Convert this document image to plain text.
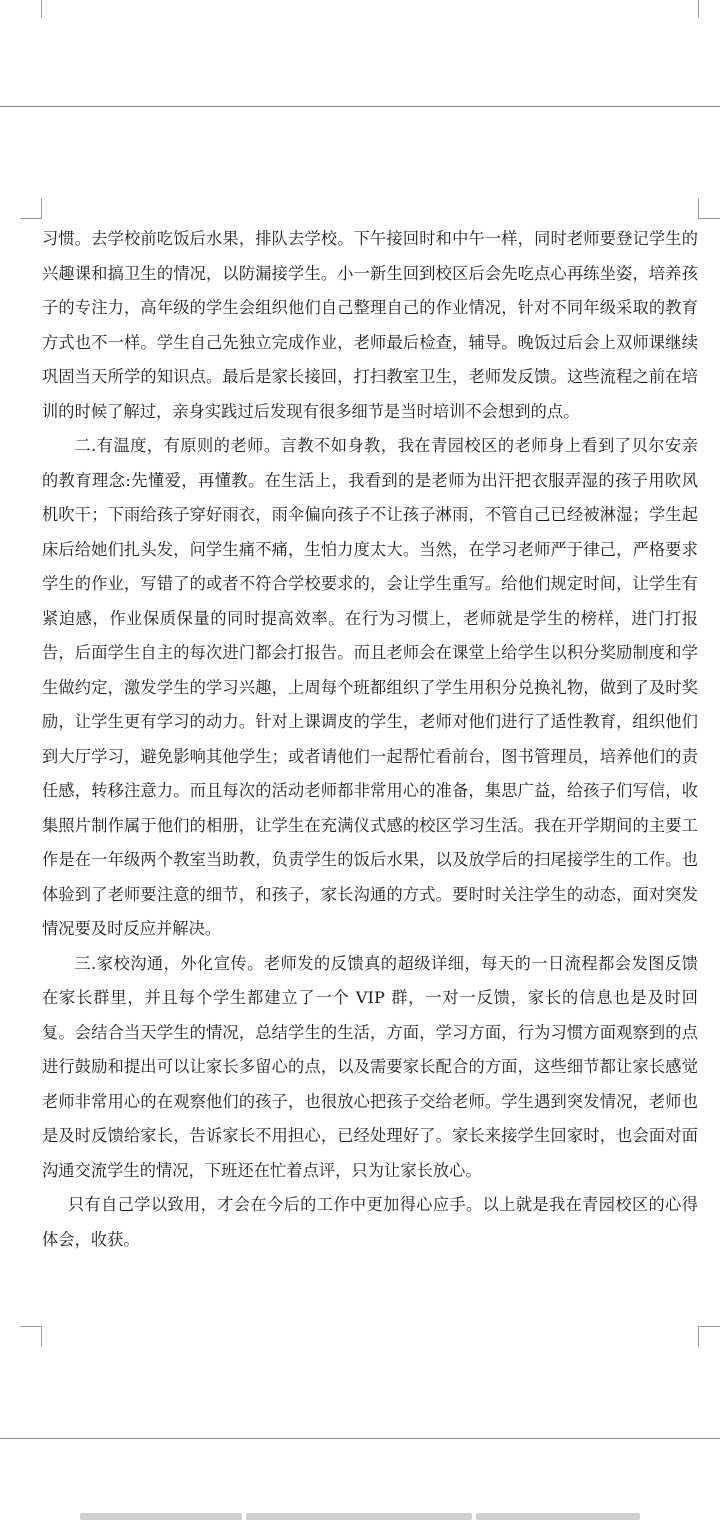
习惯。去学校前吃饭后水果，排队去学校。下午接回时和中午一样，同时老师要登记学生的兴趣课和搞卫生的情况，以防漏接学生。小一新生回到校区后会先吃点心再练坐姿，培养孩子的专注力，高年级的学生会组织他们自己整理自己的作业情况，针对不同年级采取的教育方式也不一样。学生自己先独立完成作业，老师最后检查，辅导。晚饭过后会上双师课继续巩固当天所学的知识点。最后是家长接回，打扫教室卫生，老师发反馈。这些流程之前在培训的时候了解过，亲身实践过后发现有很多细节是当时培训不会想到的点。

二.有温度，有原则的老师。言教不如身教，我在青园校区的老师身上看到了贝尔安亲的教育理念:先懂爱，再懂教。在生活上，我看到的是老师为出汗把衣服弄湿的孩子用吹风机吹干；下雨给孩子穿好雨衣，雨伞偏向孩子不让孩子淋雨，不管自己已经被淋湿；学生起床后给她们扎头发，问学生痛不痛，生怕力度太大。当然，在学习老师严于律己，严格要求学生的作业，写错了的或者不符合学校要求的，会让学生重写。给他们规定时间，让学生有紧迫感，作业保质保量的同时提高效率。在行为习惯上，老师就是学生的榜样，进门打报告，后面学生自主的每次进门都会打报告。而且老师会在课堂上给学生以积分奖励制度和学生做约定，激发学生的学习兴趣，上周每个班都组织了学生用积分兑换礼物，做到了及时奖励，让学生更有学习的动力。针对上课调皮的学生，老师对他们进行了适性教育，组织他们到大厅学习，避免影响其他学生；或者请他们一起帮忙看前台，图书管理员，培养他们的责任感，转移注意力。而且每次的活动老师都非常用心的准备，集思广益，给孩子们写信，收集照片制作属于他们的相册，让学生在充满仪式感的校区学习生活。我在开学期间的主要工作是在一年级两个教室当助教，负责学生的饭后水果，以及放学后的扫尾接学生的工作。也体验到了老师要注意的细节，和孩子，家长沟通的方式。要时时关注学生的动态，面对突发情况要及时反应并解决。

三.家校沟通，外化宣传。老师发的反馈真的超级详细，每天的一日流程都会发图反馈在家长群里，并且每个学生都建立了一个 VIP 群，一对一反馈，家长的信息也是及时回复。会结合当天学生的情况，总结学生的生活，方面，学习方面，行为习惯方面观察到的点进行鼓励和提出可以让家长多留心的点，以及需要家长配合的方面，这些细节都让家长感觉老师非常用心的在观察他们的孩子，也很放心把孩子交给老师。学生遇到突发情况，老师也是及时反馈给家长，告诉家长不用担心，已经处理好了。家长来接学生回家时，也会面对面沟通交流学生的情况，下班还在忙着点评，只为让家长放心。

只有自己学以致用，才会在今后的工作中更加得心应手。以上就是我在青园校区的心得体会，收获。
